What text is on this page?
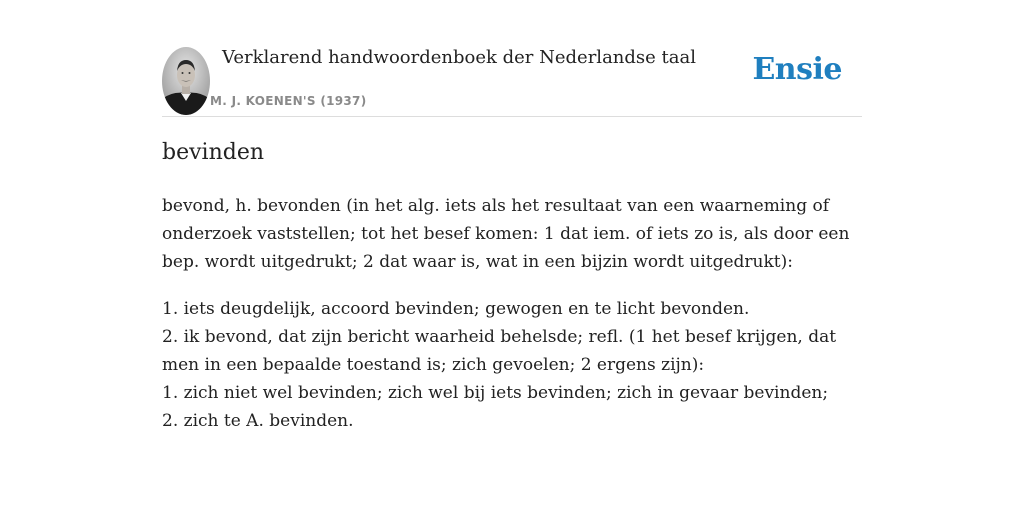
Verklarend handwoordenboek der Nederlandse taal
M. J. KOENEN'S (1937)
Ensie
bevinden

bevond, h. bevonden (in het alg. iets als het resultaat van een waarneming of onderzoek vaststellen; tot het besef komen: 1 dat iem. of iets zo is, als door een bep. wordt uitgedrukt; 2 dat waar is, wat in een bijzin wordt uitgedrukt):

1. iets deugdelijk, accoord bevinden; gewogen en te licht bevonden.
2. ik bevond, dat zijn bericht waarheid behelsde; refl. (1 het besef krijgen, dat men in een bepaalde toestand is; zich gevoelen; 2 ergens zijn):
1. zich niet wel bevinden; zich wel bij iets bevinden; zich in gevaar bevinden;
2. zich te A. bevinden.
